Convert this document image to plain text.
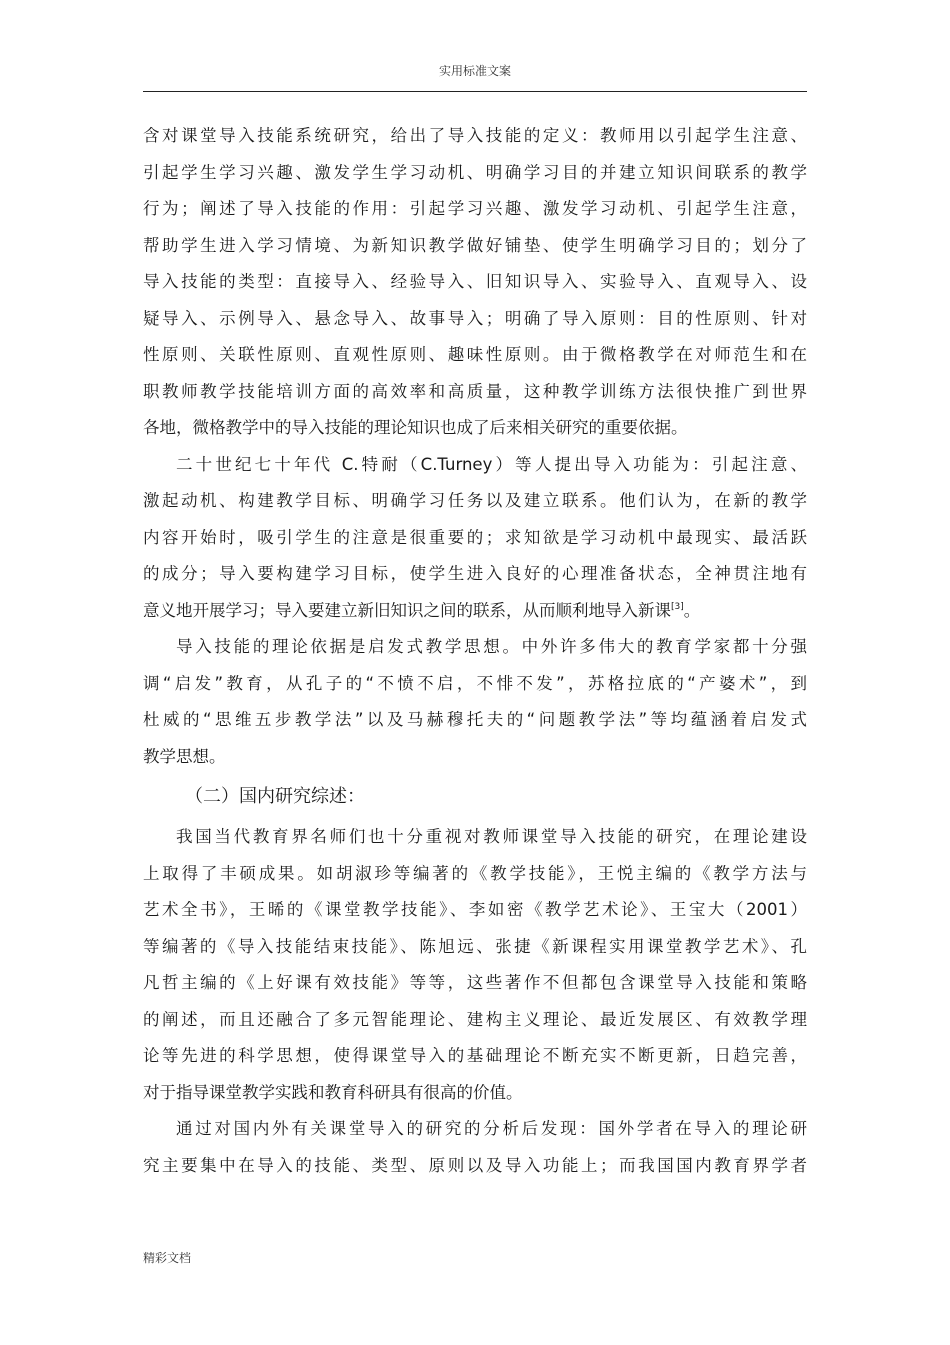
实用标准文案
含对课堂导入技能系统研究，给出了导入技能的定义：教师用以引起学生注意、
引起学生学习兴趣、激发学生学习动机、明确学习目的并建立知识间联系的教学
行为；阐述了导入技能的作用：引起学习兴趣、激发学习动机、引起学生注意，
帮助学生进入学习情境、为新知识教学做好铺垫、使学生明确学习目的；划分了
导入技能的类型：直接导入、经验导入、旧知识导入、实验导入、直观导入、设
疑导入、示例导入、悬念导入、故事导入；明确了导入原则：目的性原则、针对
性原则、关联性原则、直观性原则、趣味性原则。由于微格教学在对师范生和在
职教师教学技能培训方面的高效率和高质量，这种教学训练方法很快推广到世界
各地，微格教学中的导入技能的理论知识也成了后来相关研究的重要依据。
二十世纪七十年代 C.特耐（C.Turney）等人提出导入功能为：引起注意、
激起动机、构建教学目标、明确学习任务以及建立联系。他们认为，在新的教学
内容开始时，吸引学生的注意是很重要的；求知欲是学习动机中最现实、最活跃
的成分；导入要构建学习目标，使学生进入良好的心理准备状态，全神贯注地有
意义地开展学习；导入要建立新旧知识之间的联系，从而顺利地导入新课[3]。
导入技能的理论依据是启发式教学思想。中外许多伟大的教育学家都十分强
调“启发”教育，从孔子的“不愤不启，不悱不发”，苏格拉底的“产婆术”，到
杜威的“思维五步教学法”以及马赫穆托夫的“问题教学法”等均蕴涵着启发式
教学思想。
（二）国内研究综述：
我国当代教育界名师们也十分重视对教师课堂导入技能的研究，在理论建设
上取得了丰硕成果。如胡淑珍等编著的《教学技能》，王悦主编的《教学方法与
艺术全书》，王晞的《课堂教学技能》、李如密《教学艺术论》、王宝大（2001）
等编著的《导入技能结束技能》、陈旭远、张捷《新课程实用课堂教学艺术》、孔
凡哲主编的《上好课有效技能》等等，这些著作不但都包含课堂导入技能和策略
的阐述，而且还融合了多元智能理论、建构主义理论、最近发展区、有效教学理
论等先进的科学思想，使得课堂导入的基础理论不断充实不断更新，日趋完善，
对于指导课堂教学实践和教育科研具有很高的价值。
通过对国内外有关课堂导入的研究的分析后发现：国外学者在导入的理论研
究主要集中在导入的技能、类型、原则以及导入功能上；而我国国内教育界学者
精彩文档
